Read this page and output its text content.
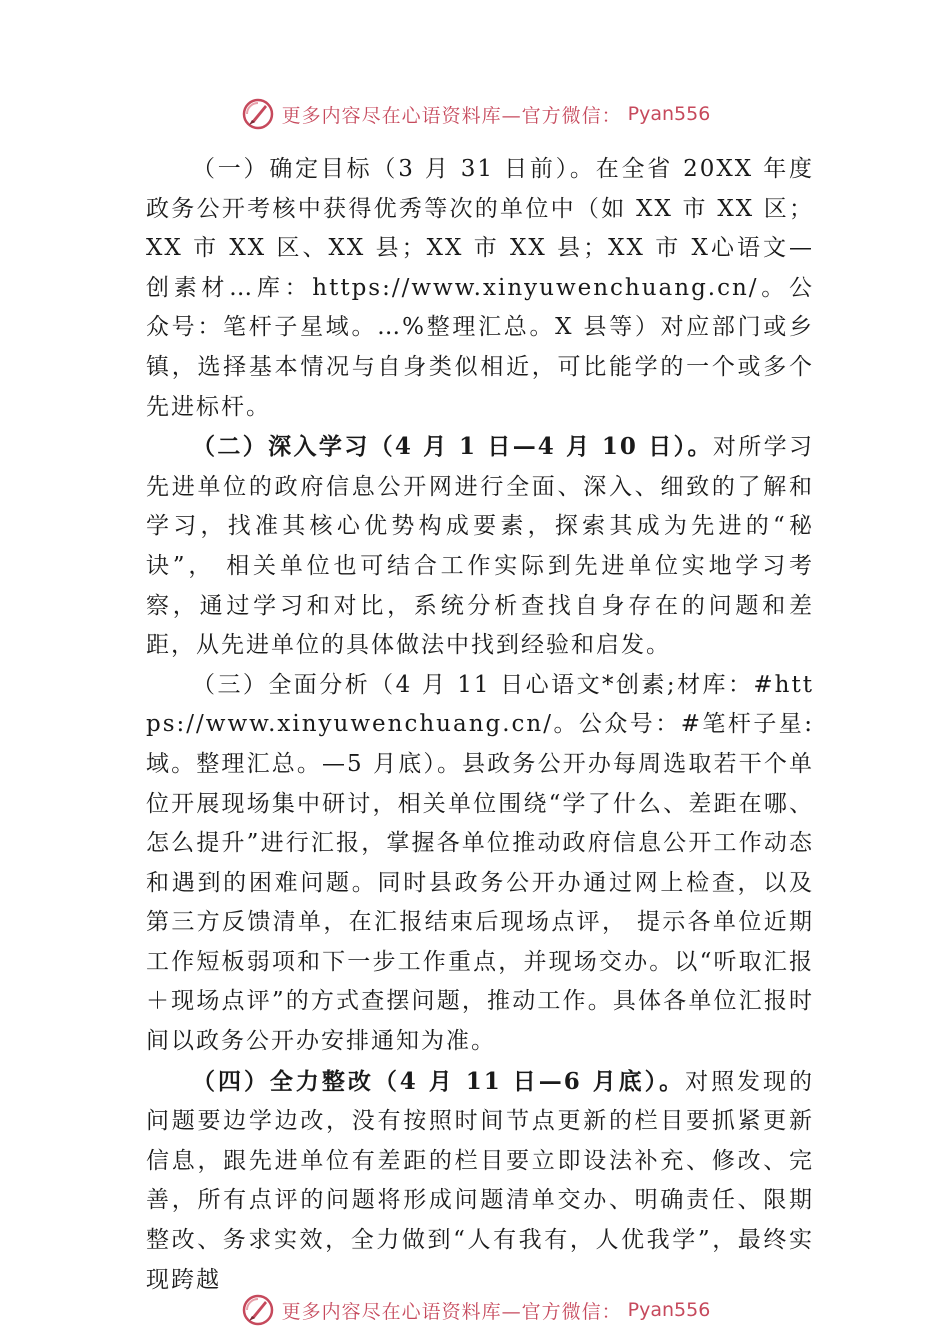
更多内容尽在心语资料库—官方微信： Pyan556

（一）确定目标（3 月 31 日前）。在全省 20XX 年度政务公开考核中获得优秀等次的单位中（如 XX 市 XX 区；XX 市 XX 区、XX 县；XX 市 XX 县；XX 市 X心语文—创素材…库：https://www.xinyuwenchuang.cn/。公众号：笔杆子星域。…%整理汇总。X 县等）对应部门或乡镇，选择基本情况与自身类似相近，可比能学的一个或多个先进标杆。

（二）深入学习（4 月 1 日—4 月 10 日）。对所学习先进单位的政府信息公开网进行全面、深入、细致的了解和学习，找准其核心优势构成要素，探索其成为先进的“秘诀”， 相关单位也可结合工作实际到先进单位实地学习考察，通过学习和对比，系统分析查找自身存在的问题和差距，从先进单位的具体做法中找到经验和启发。

（三）全面分析（4 月 11 日心语文*创素;材库：#https://www.xinyuwenchuang.cn/。公众号：#笔杆子星:域。整理汇总。—5 月底）。县政务公开办每周选取若干个单位开展现场集中研讨，相关单位围绕“学了什么、差距在哪、怎么提升”进行汇报，掌握各单位推动政府信息公开工作动态和遇到的困难问题。同时县政务公开办通过网上检查，以及第三方反馈清单，在汇报结束后现场点评， 提示各单位近期工作短板弱项和下一步工作重点，并现场交办。以“听取汇报＋现场点评”的方式查摆问题，推动工作。具体各单位汇报时间以政务公开办安排通知为准。

（四）全力整改（4 月 11 日—6 月底）。对照发现的问题要边学边改，没有按照时间节点更新的栏目要抓紧更新信息，跟先进单位有差距的栏目要立即设法补充、修改、完善，所有点评的问题将形成问题清单交办、明确责任、限期整改、务求实效，全力做到“人有我有，人优我学”，最终实现跨越

更多内容尽在心语资料库—官方微信： Pyan556
